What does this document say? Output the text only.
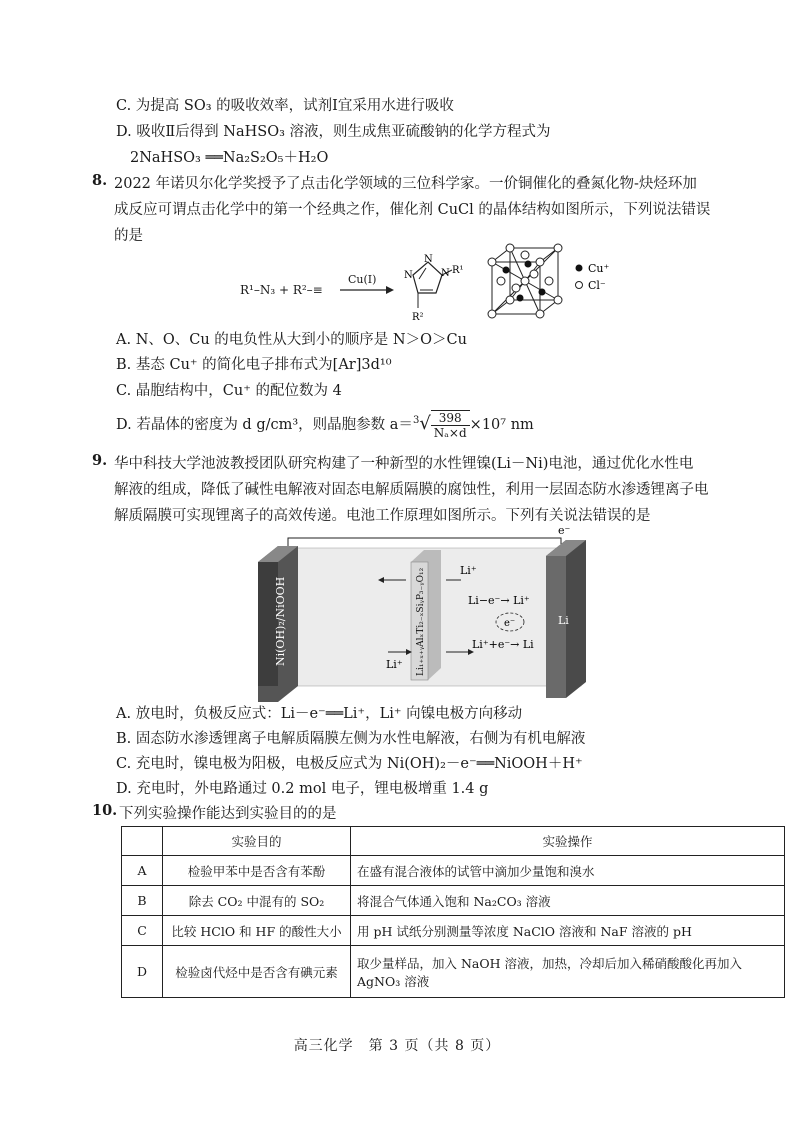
C. 为提高 SO₃ 的吸收效率，试剂Ⅰ宜采用水进行吸收
D. 吸收Ⅱ后得到 NaHSO₃ 溶液，则生成焦亚硫酸钠的化学方程式为
2NaHSO₃ ══Na₂S₂O₅＋H₂O
8. 2022 年诺贝尔化学奖授予了点击化学领域的三位科学家。一价铜催化的叠氮化物-炔烃环加
成反应可谓点击化学中的第一个经典之作，催化剂 CuCl 的晶体结构如图所示，下列说法错误
的是
R¹–N₃ + R²–≡
Cu(I)	N
N
N R¹
R²
Cu⁺
Cl⁻
A. N、O、Cu 的电负性从大到小的顺序是 N＞O＞Cu
B. 基态 Cu⁺ 的简化电子排布式为[Ar]3d¹⁰
C. 晶胞结构中，Cu⁺ 的配位数为 4
D. 若晶体的密度为 d g/cm³，则晶胞参数 $a=^3√ \frac{398}{\text{Nₐ×d}} \times 10^7$ nm
9. 华中科技大学池波教授团队研究构建了一种新型的水性锂镍(Li－Ni)电池，通过优化水性电
解液的组成，降低了碱性电解液对固态电解质隔膜的腐蚀性，利用一层固态防水渗透锂离子电
解质隔膜可实现锂离子的高效传递。电池工作原理如图所示。下列有关说法错误的是
Ni(OH)₂/NiOOH	Li₁₊ₓ₊ᵧAlₓTi₂₋ₓSiᵧP₃₋ᵧO₁₂	Li
e⁻
Li⁺
Li⁺
Li−e⁻→ Li⁺
e⁻
Li⁺+e⁻→ Li
A. 放电时，负极反应式：Li－e⁻══Li⁺，Li⁺ 向镍电极方向移动
B. 固态防水渗透锂离子电解质隔膜左侧为水性电解液，右侧为有机电解液
C. 充电时，镍电极为阳极，电极反应式为 Ni(OH)₂－e⁻══NiOOH＋H⁺
D. 充电时，外电路通过 0.2 mol 电子，锂电极增重 1.4 g
10. 下列实验操作能达到实验目的的是
	实验目的	实验操作
A	检验甲苯中是否含有苯酚	在盛有混合液体的试管中滴加少量饱和溴水
B	除去 CO₂ 中混有的 SO₂	将混合气体通入饱和 Na₂CO₃ 溶液
C	比较 HClO 和 HF 的酸性大小	用 pH 试纸分别测量等浓度 NaClO 溶液和 NaF 溶液的 pH
D	检验卤代烃中是否含有碘元素	取少量样品，加入 NaOH 溶液，加热，冷却后加入稀硝酸酸化再加入 AgNO₃ 溶液
高三化学　第 3 页（共 8 页）
